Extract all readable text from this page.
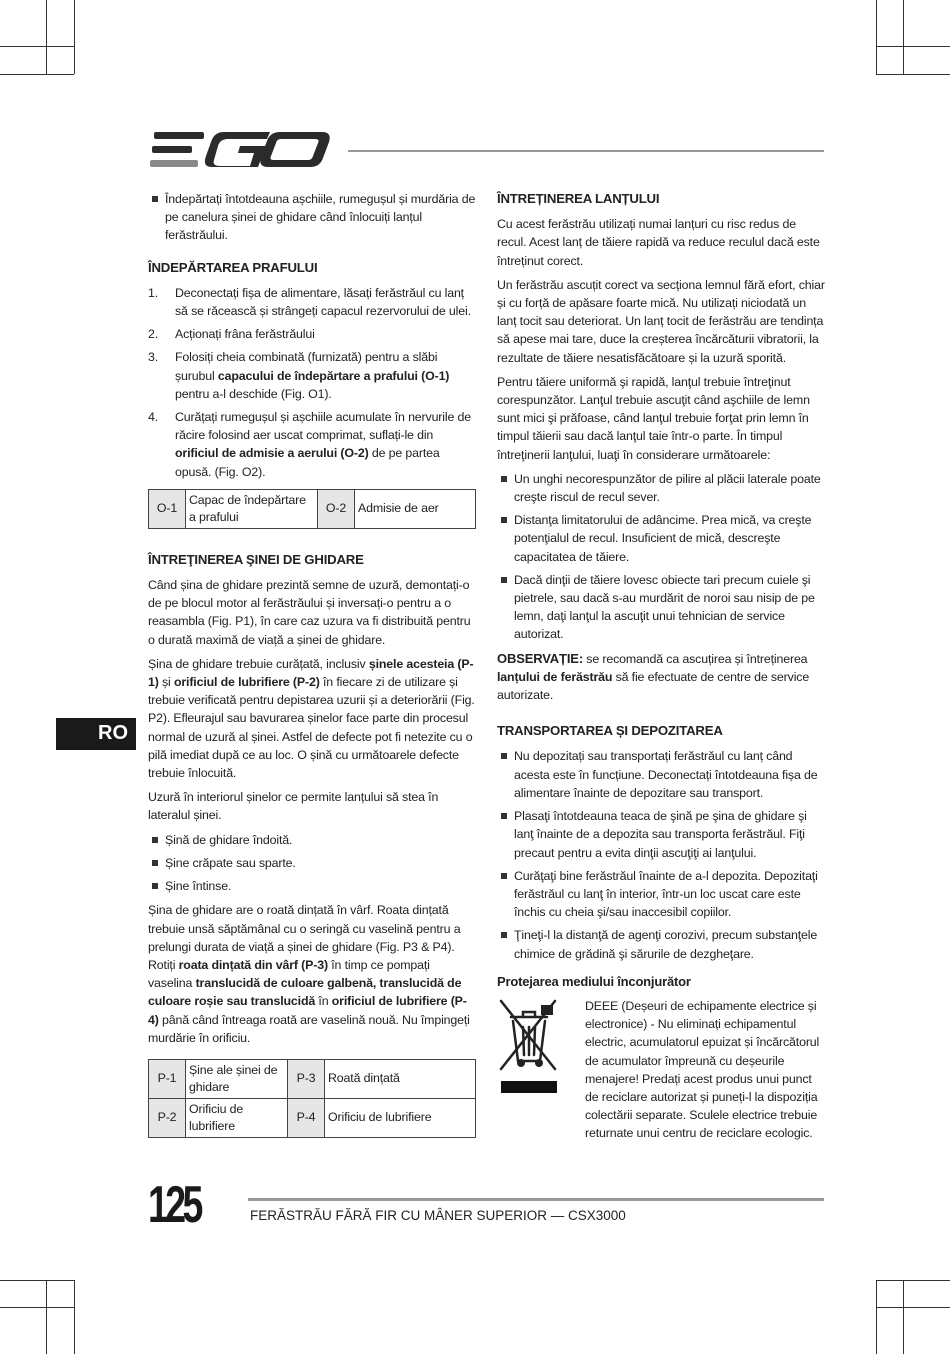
RO
Îndepărtați întotdeauna așchiile, rumegușul și murdăria de pe canelura șinei de ghidare când înlocuiți lanțul ferăstrăului.
ÎNDEPĂRTAREA PRAFULUI
1. Deconectați fișa de alimentare, lăsați ferăstrăul cu lanț să se răcească și strângeți capacul rezervorului de ulei.
2. Acționați frâna ferăstrăului
3. Folosiți cheia combinată (furnizată) pentru a slăbi șurubul capacului de îndepărtare a prafului (O-1) pentru a-l deschide (Fig. O1).
4. Curățați rumegușul și așchiile acumulate în nervurile de răcire folosind aer uscat comprimat, suflați-le din orificiul de admisie a aerului (O-2) de pe partea opusă. (Fig. O2).
O-1	Capac de îndepărtare a prafului	O-2	Admisie de aer
ÎNTREŢINEREA ŞINEI DE GHIDARE

Când șina de ghidare prezintă semne de uzură, demontați-o de pe blocul motor al ferăstrăului și inversați-o pentru a o reasambla (Fig. P1), în care caz uzura va fi distribuită pentru o durată maximă de viață a șinei de ghidare.

Șina de ghidare trebuie curățată, inclusiv șinele acesteia (P-1) și orificiul de lubrifiere (P-2) în fiecare zi de utilizare și trebuie verificată pentru depistarea uzurii și a deteriorării (Fig. P2). Efleurajul sau bavurarea șinelor face parte din procesul normal de uzură al șinei. Astfel de defecte pot fi netezite cu o pilă imediat după ce au loc. O șină cu următoarele defecte trebuie înlocuită.

Uzură în interiorul șinelor ce permite lanțului să stea în lateralul șinei.

Șină de ghidare îndoită.
Șine crăpate sau sparte.
Șine întinse.

Șina de ghidare are o roată dințată în vârf. Roata dințată trebuie unsă săptămânal cu o seringă cu vaselină pentru a prelungi durata de viață a șinei de ghidare (Fig. P3 & P4). Rotiți roata dințată din vârf (P-3) în timp ce pompați vaselina translucidă de culoare galbenă, translucidă de culoare roșie sau translucidă în orificiul de lubrifiere (P-4) până când întreaga roată are vaselină nouă. Nu împingeți murdărie în orificiu.

P-1	Șine ale șinei de ghidare	P-3	Roată dințată
P-2	Orificiu de lubrifiere	P-4	Orificiu de lubrifiere
ÎNTREȚINEREA LANȚULUI

Cu acest ferăstrău utilizați numai lanțuri cu risc redus de recul. Acest lanț de tăiere rapidă va reduce reculul dacă este întreținut corect.

Un ferăstrău ascuțit corect va secționa lemnul fără efort, chiar și cu forță de apăsare foarte mică. Nu utilizați niciodată un lanț tocit sau deteriorat. Un lanț tocit de ferăstrău are tendința să apese mai tare, duce la creșterea încărcăturii vibratorii, la rezultate de tăiere nesatisfăcătoare și la uzură sporită.

Pentru tăiere uniformă şi rapidă, lanţul trebuie întreţinut corespunzător. Lanţul trebuie ascuţit când aşchiile de lemn sunt mici şi prăfoase, când lanţul trebuie forţat prin lemn în timpul tăierii sau dacă lanţul taie într-o parte. În timpul întreţinerii lanţului, luaţi în considerare următoarele:

Un unghi necorespunzător de pilire al plăcii laterale poate creşte riscul de recul sever.
Distanţa limitatorului de adâncime. Prea mică, va creşte potenţialul de recul. Insuficient de mică, descreşte capacitatea de tăiere.
Dacă dinţii de tăiere lovesc obiecte tari precum cuiele şi pietrele, sau dacă s-au murdărit de noroi sau nisip de pe lemn, daţi lanţul la ascuţit unui tehnician de service autorizat.

OBSERVAȚIE: se recomandă ca ascuțirea și întreținerea lanțului de ferăstrău să fie efectuate de centre de service autorizate.

TRANSPORTAREA ȘI DEPOZITAREA
Nu depozitați sau transportați ferăstrăul cu lanț când acesta este în funcțiune. Deconectați întotdeauna fișa de alimentare înainte de depozitare sau transport.
Plasaţi întotdeauna teaca de şină pe şina de ghidare şi lanţ înainte de a depozita sau transporta ferăstrăul. Fiţi precaut pentru a evita dinţii ascuţiţi ai lanţului.
Curăţaţi bine ferăstrăul înainte de a-l depozita. Depozitaţi ferăstrăul cu lanţ în interior, într-un loc uscat care este închis cu cheia şi/sau inaccesibil copiilor.
Ţineţi-l la distanţă de agenţi corozivi, precum substanţele chimice de grădină şi sărurile de dezgheţare.
Protejarea mediului înconjurător
DEEE (Deșeuri de echipamente electrice și electronice) - Nu eliminați echipamentul electric, acumulatorul epuizat și încărcătorul de acumulator împreună cu deșeurile menajere! Predați acest produs unui punct de reciclare autorizat și puneți-l la dispoziția colectării separate. Sculele electrice trebuie returnate unui centru de reciclare ecologic.
125	FERĂSTRĂU FĂRĂ FIR CU MÂNER SUPERIOR — CSX3000
